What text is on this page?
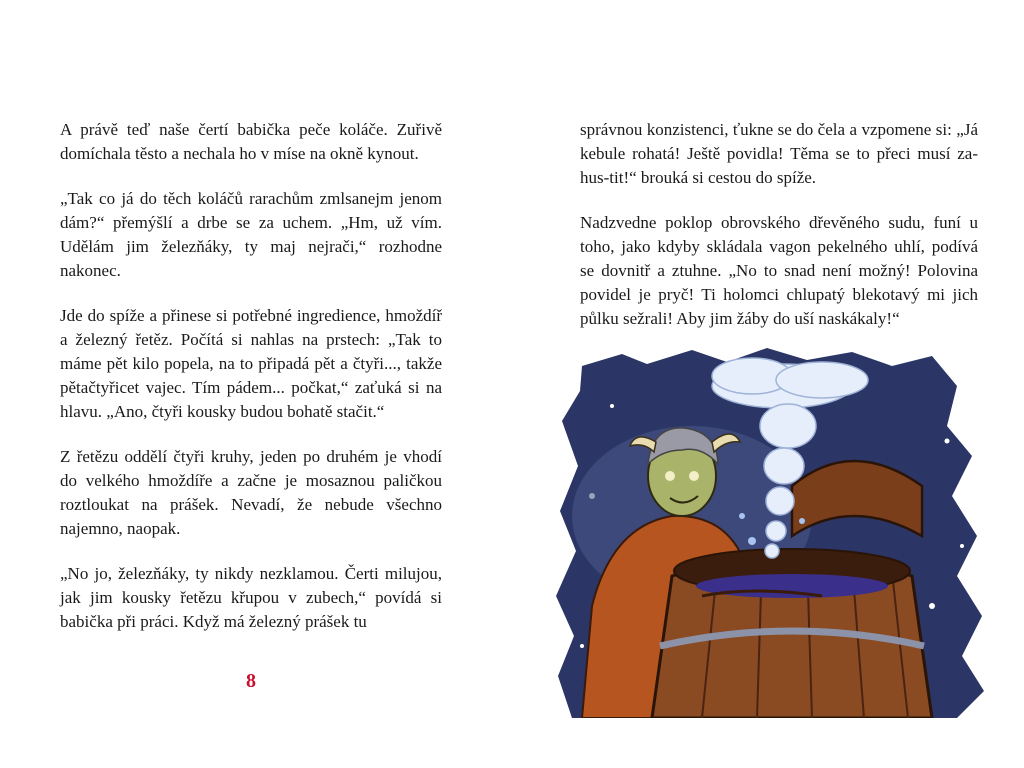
A právě teď naše čertí babička peče koláče. Zuřivě domíchala těsto a nechala ho v míse na okně kynout.

„Tak co já do těch koláčů rarachům zmlsanejm jenom dám?“ přemýšlí a drbe se za uchem. „Hm, už vím. Udělám jim železňáky, ty maj nejrači,“ rozhodne nakonec.

Jde do spíže a přinese si potřebné ingredience, hmoždíř a železný řetěz. Počítá si nahlas na prstech: „Tak to máme pět kilo popela, na to připadá pět a čtyři..., takže pětačtyřicet vajec. Tím pádem... počkat,“ zaťuká si na hlavu. „Ano, čtyři kousky budou bohatě stačit.“

Z řetězu oddělí čtyři kruhy, jeden po druhém je vhodí do velkého hmoždíře a začne je mosaznou paličkou roztloukat na prášek. Nevadí, že nebude všechno najemno, naopak.

„No jo, železňáky, ty nikdy nezklamou. Čerti milujou, jak jim kousky řetězu křupou v zubech,“ povídá si babička při práci. Když má železný prášek tu

8

správnou konzistenci, ťukne se do čela a vzpomene si: „Já kebule rohatá! Ještě povidla! Těma se to přeci musí za-hus-tit!“ brouká si cestou do spíže.

Nadzvedne poklop obrovského dřevěného sudu, funí u toho, jako kdyby skládala vagon pekelného uhlí, podívá se dovnitř a ztuhne. „No to snad není možný! Polovina povidel je pryč! Ti holomci chlupatý blekotavý mi jich půlku sežrali! Aby jim žáby do uší naskákaly!“
